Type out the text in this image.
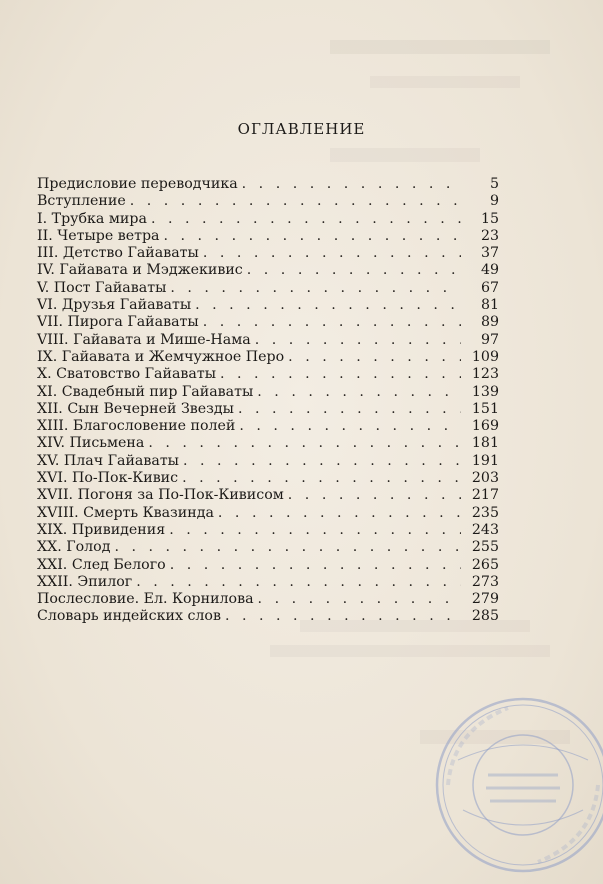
ОГЛАВЛЕНИЕ
Предисловие переводчика . . .	5
Вступление . . .	9
I. Трубка мира . . .	15
II. Четыре ветра . . .	23
III. Детство Гайаваты . . .	37
IV. Гайавата и Мэджекивис . . .	49
V. Пост Гайаваты . . .	67
VI. Друзья Гайаваты . . .	81
VII. Пирога Гайаваты . . .	89
VIII. Гайавата и Мише-Нама . . .	97
IX. Гайавата и Жемчужное Перо . . .	109
X. Сватовство Гайаваты . . .	123
XI. Свадебный пир Гайаваты . . .	139
XII. Сын Вечерней Звезды . . .	151
XIII. Благословение полей . . .	169
XIV. Письмена . . .	181
XV. Плач Гайаваты . . .	191
XVI. По-Пок-Кивис . . .	203
XVII. Погоня за По-Пок-Кивисом . . .	217
XVIII. Смерть Квазинда . . .	235
XIX. Привидения . . .	243
XX. Голод . . .	255
XXI. След Белого . . .	265
XXII. Эпилог . . .	273
Послесловие. Ел. Корнилова . . .	279
Словарь индейских слов . . .	285
